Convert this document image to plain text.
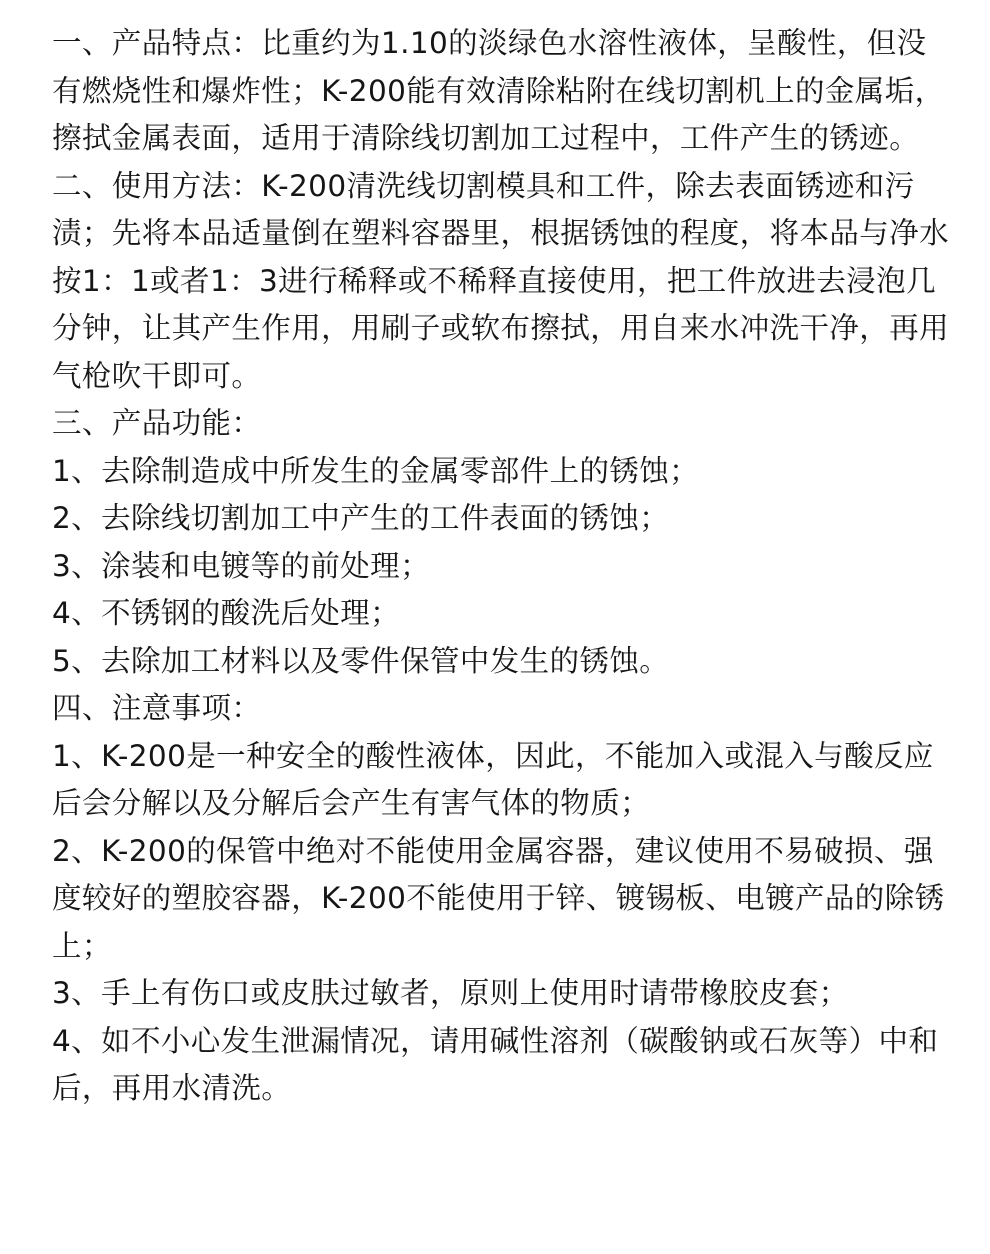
一、产品特点：比重约为1.10的淡绿色水溶性液体，呈酸性，但没有燃烧性和爆炸性；K-200能有效清除粘附在线切割机上的金属垢，擦拭金属表面，适用于清除线切割加工过程中，工件产生的锈迹。

二、使用方法：K-200清洗线切割模具和工件，除去表面锈迹和污渍；先将本品适量倒在塑料容器里，根据锈蚀的程度，将本品与净水按1：1或者1：3进行稀释或不稀释直接使用，把工件放进去浸泡几分钟，让其产生作用，用刷子或软布擦拭，用自来水冲洗干净，再用气枪吹干即可。

三、产品功能：

1、去除制造成中所发生的金属零部件上的锈蚀；

2、去除线切割加工中产生的工件表面的锈蚀；

3、涂装和电镀等的前处理；

4、不锈钢的酸洗后处理；

5、去除加工材料以及零件保管中发生的锈蚀。

四、注意事项：

1、K-200是一种安全的酸性液体，因此，不能加入或混入与酸反应后会分解以及分解后会产生有害气体的物质；

2、K-200的保管中绝对不能使用金属容器，建议使用不易破损、强度较好的塑胶容器，K-200不能使用于锌、镀锡板、电镀产品的除锈上；

3、手上有伤口或皮肤过敏者，原则上使用时请带橡胶皮套；

4、如不小心发生泄漏情况，请用碱性溶剂（碳酸钠或石灰等）中和后，再用水清洗。
